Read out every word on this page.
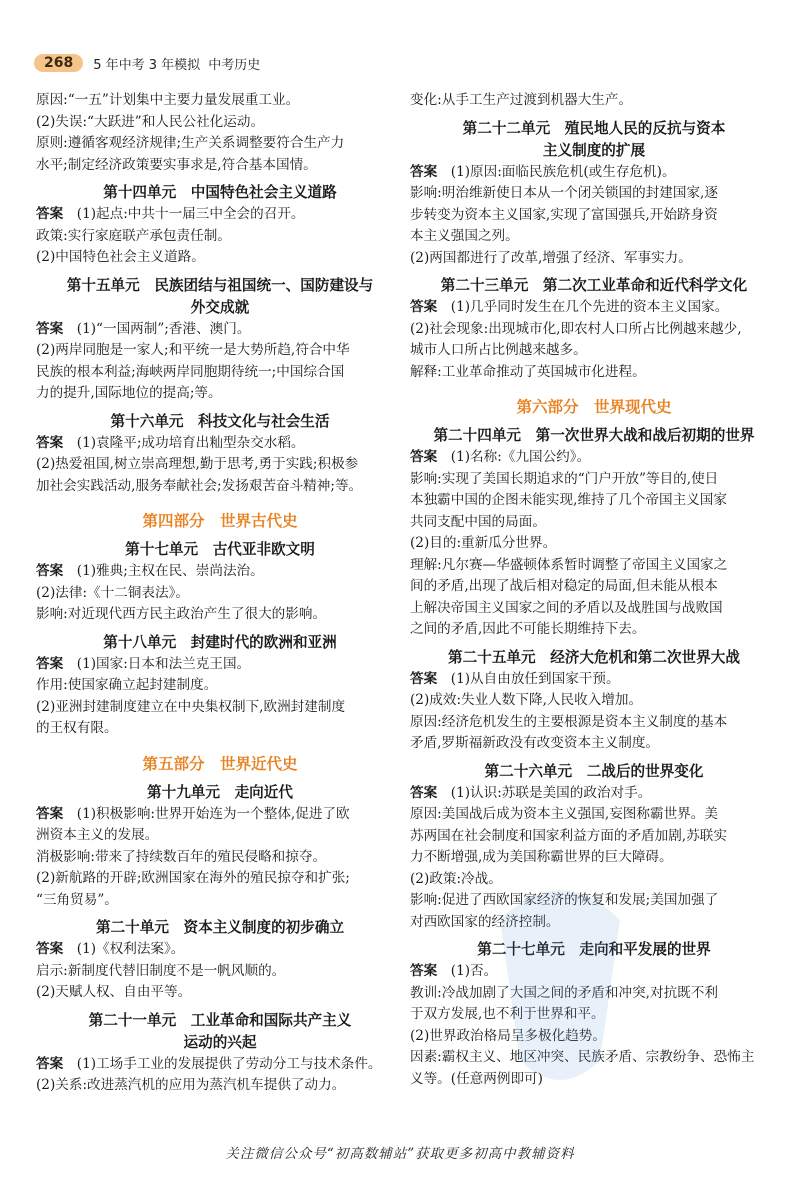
268	5 年中考 3 年模拟 中考历史
原因:“一五”计划集中主要力量发展重工业。
(2)失误:“大跃进”和人民公社化运动。
原则:遵循客观经济规律;生产关系调整要符合生产力
水平;制定经济政策要实事求是,符合基本国情。
第十四单元　中国特色社会主义道路
答案　(1)起点:中共十一届三中全会的召开。
政策:实行家庭联产承包责任制。
(2)中国特色社会主义道路。
第十五单元　民族团结与祖国统一、国防建设与
外交成就
答案　(1)“一国两制”;香港、澳门。
(2)两岸同胞是一家人;和平统一是大势所趋,符合中华
民族的根本利益;海峡两岸同胞期待统一;中国综合国
力的提升,国际地位的提高;等。
第十六单元　科技文化与社会生活
答案　(1)袁隆平;成功培育出籼型杂交水稻。
(2)热爱祖国,树立崇高理想,勤于思考,勇于实践;积极参
加社会实践活动,服务奉献社会;发扬艰苦奋斗精神;等。
第四部分　世界古代史
第十七单元　古代亚非欧文明
答案　(1)雅典;主权在民、崇尚法治。
(2)法律:《十二铜表法》。
影响:对近现代西方民主政治产生了很大的影响。
第十八单元　封建时代的欧洲和亚洲
答案　(1)国家:日本和法兰克王国。
作用:使国家确立起封建制度。
(2)亚洲封建制度建立在中央集权制下,欧洲封建制度
的王权有限。
第五部分　世界近代史
第十九单元　走向近代
答案　(1)积极影响:世界开始连为一个整体,促进了欧
洲资本主义的发展。
消极影响:带来了持续数百年的殖民侵略和掠夺。
(2)新航路的开辟;欧洲国家在海外的殖民掠夺和扩张;
“三角贸易”。
第二十单元　资本主义制度的初步确立
答案　(1)《权利法案》。
启示:新制度代替旧制度不是一帆风顺的。
(2)天赋人权、自由平等。
第二十一单元　工业革命和国际共产主义
运动的兴起
答案　(1)工场手工业的发展提供了劳动分工与技术条件。
(2)关系:改进蒸汽机的应用为蒸汽机车提供了动力。
变化:从手工生产过渡到机器大生产。
第二十二单元　殖民地人民的反抗与资本
主义制度的扩展
答案　(1)原因:面临民族危机(或生存危机)。
影响:明治维新使日本从一个闭关锁国的封建国家,逐
步转变为资本主义国家,实现了富国强兵,开始跻身资
本主义强国之列。
(2)两国都进行了改革,增强了经济、军事实力。
第二十三单元　第二次工业革命和近代科学文化
答案　(1)几乎同时发生在几个先进的资本主义国家。
(2)社会现象:出现城市化,即农村人口所占比例越来越少,
城市人口所占比例越来越多。
解释:工业革命推动了英国城市化进程。
第六部分　世界现代史
第二十四单元　第一次世界大战和战后初期的世界
答案　(1)名称:《九国公约》。
影响:实现了美国长期追求的“门户开放”等目的,使日
本独霸中国的企图未能实现,维持了几个帝国主义国家
共同支配中国的局面。
(2)目的:重新瓜分世界。
理解:凡尔赛—华盛顿体系暂时调整了帝国主义国家之
间的矛盾,出现了战后相对稳定的局面,但未能从根本
上解决帝国主义国家之间的矛盾以及战胜国与战败国
之间的矛盾,因此不可能长期维持下去。
第二十五单元　经济大危机和第二次世界大战
答案　(1)从自由放任到国家干预。
(2)成效:失业人数下降,人民收入增加。
原因:经济危机发生的主要根源是资本主义制度的基本
矛盾,罗斯福新政没有改变资本主义制度。
第二十六单元　二战后的世界变化
答案　(1)认识:苏联是美国的政治对手。
原因:美国战后成为资本主义强国,妄图称霸世界。美
苏两国在社会制度和国家利益方面的矛盾加剧,苏联实
力不断增强,成为美国称霸世界的巨大障碍。
(2)政策:冷战。
影响:促进了西欧国家经济的恢复和发展;美国加强了
对西欧国家的经济控制。
第二十七单元　走向和平发展的世界
答案　(1)否。
教训:冷战加剧了大国之间的矛盾和冲突,对抗既不利
于双方发展,也不利于世界和平。
(2)世界政治格局呈多极化趋势。
因素:霸权主义、地区冲突、民族矛盾、宗教纷争、恐怖主
义等。(任意两例即可)
关注微信公众号“初高数辅站”获取更多初高中教辅资料
